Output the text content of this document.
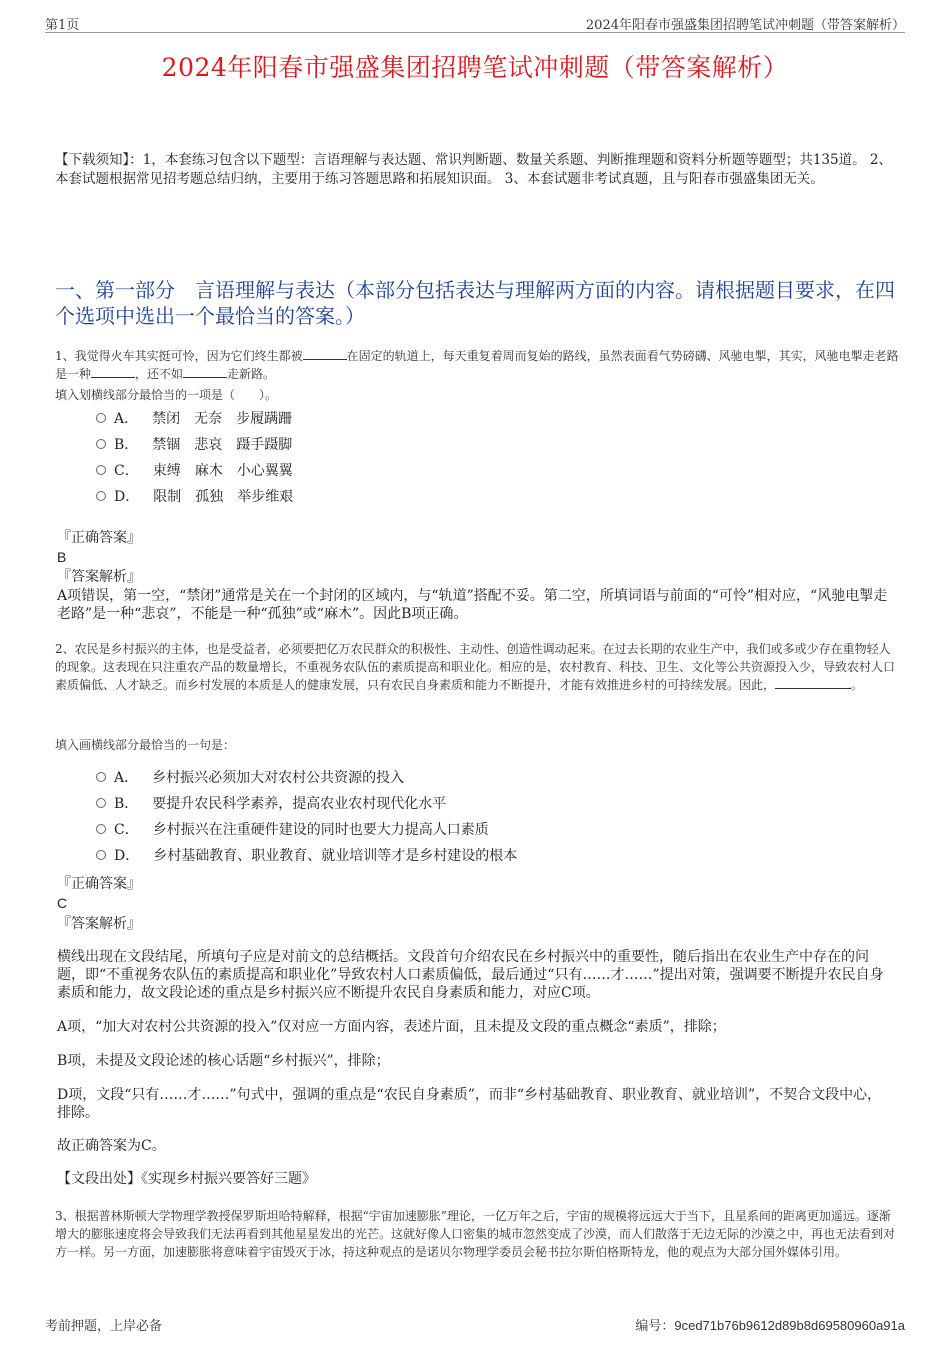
第1页	2024年阳春市强盛集团招聘笔试冲刺题（带答案解析）
2024年阳春市强盛集团招聘笔试冲刺题（带答案解析）
【下载须知】：1，本套练习包含以下题型：言语理解与表达题、常识判断题、数量关系题、判断推理题和资料分析题等题型；共135道。 2、本套试题根据常见招考题总结归纳，主要用于练习答题思路和拓展知识面。 3、本套试题非考试真题，且与阳春市强盛集团无关。
一、第一部分　言语理解与表达（本部分包括表达与理解两方面的内容。请根据题目要求，在四个选项中选出一个最恰当的答案。）
1、我觉得火车其实挺可怜，因为它们终生都被	在固定的轨道上，每天重复着周而复始的路线，虽然表面看气势磅礴、风驰电掣，其实，风驰电掣走老路是一种	，还不如	走新路。
填入划横线部分最恰当的一项是（　　）。
A． 禁闭 无奈 步履蹒跚
B． 禁锢 悲哀 蹑手蹑脚
C． 束缚 麻木 小心翼翼
D． 限制 孤独 举步维艰
『正确答案』
B
『答案解析』
A项错误，第一空，“禁闭”通常是关在一个封闭的区域内，与“轨道”搭配不妥。第二空，所填词语与前面的“可怜”相对应，“风驰电掣走老路”是一种“悲哀”，不能是一种“孤独”或“麻木”。因此B项正确。
2、农民是乡村振兴的主体，也是受益者，必须要把亿万农民群众的积极性、主动性、创造性调动起来。在过去长期的农业生产中，我们或多或少存在重物轻人的现象。这表现在只注重农产品的数量增长，不重视务农队伍的素质提高和职业化。相应的是，农村教育、科技、卫生、文化等公共资源投入少，导致农村人口素质偏低、人才缺乏。而乡村发展的本质是人的健康发展，只有农民自身素质和能力不断提升，才能有效推进乡村的可持续发展。因此，	。
填入画横线部分最恰当的一句是：
A． 乡村振兴必须加大对农村公共资源的投入
B． 要提升农民科学素养，提高农业农村现代化水平
C． 乡村振兴在注重硬件建设的同时也要大力提高人口素质
D． 乡村基础教育、职业教育、就业培训等才是乡村建设的根本
『正确答案』
C
『答案解析』
横线出现在文段结尾，所填句子应是对前文的总结概括。文段首句介绍农民在乡村振兴中的重要性，随后指出在农业生产中存在的问题，即“不重视务农队伍的素质提高和职业化”导致农村人口素质偏低，最后通过“只有……才……”提出对策，强调要不断提升农民自身素质和能力，故文段论述的重点是乡村振兴应不断提升农民自身素质和能力，对应C项。
A项，“加大对农村公共资源的投入”仅对应一方面内容，表述片面，且未提及文段的重点概念“素质”，排除；
B项，未提及文段论述的核心话题“乡村振兴”，排除；
D项，文段“只有……才……”句式中，强调的重点是“农民自身素质”，而非“乡村基础教育、职业教育、就业培训”，不契合文段中心，排除。
故正确答案为C。
【文段出处】《实现乡村振兴要答好三题》
3、根据普林斯顿大学物理学教授保罗斯坦哈特解释，根据“宇宙加速膨胀”理论，一亿万年之后，宇宙的规模将远远大于当下，且星系间的距离更加遥远。逐渐增大的膨胀速度将会导致我们无法再看到其他星星发出的光芒。这就好像人口密集的城市忽然变成了沙漠，而人们散落于无边无际的沙漠之中，再也无法看到对方一样。另一方面，加速膨胀将意味着宇宙毁灭于冰，持这种观点的是诺贝尔物理学委员会秘书拉尔斯伯格斯特龙，他的观点为大部分国外媒体引用。
考前押题，上岸必备	编号：9ced71b76b9612d89b8d69580960a91a
